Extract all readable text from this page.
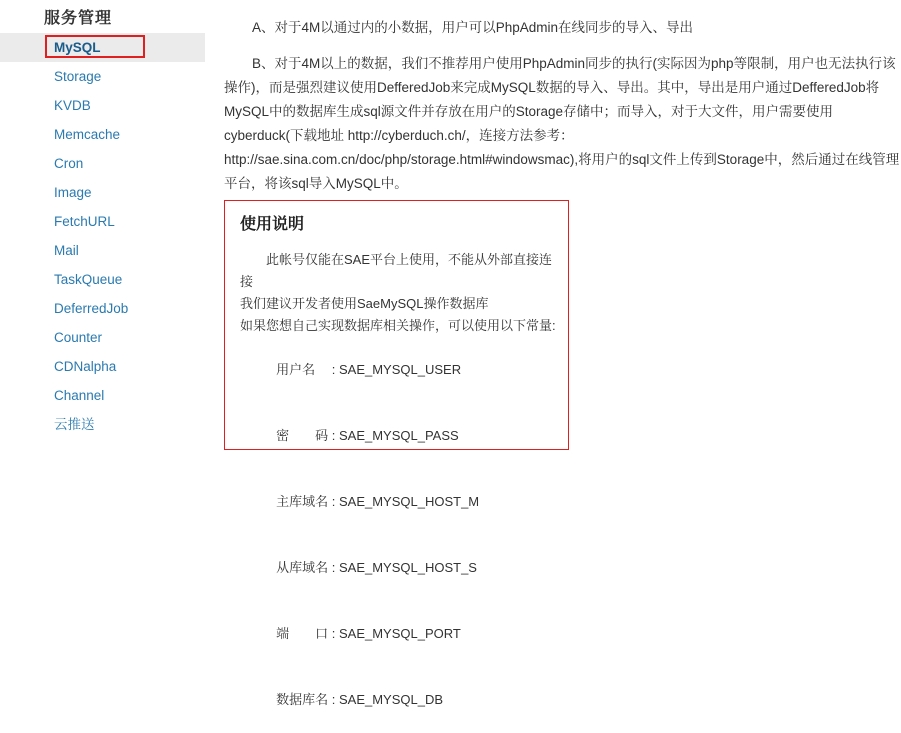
服务管理
MySQL
Storage
KVDB
Memcache
Cron
Image
FetchURL
Mail
TaskQueue
DeferredJob
Counter
CDNalpha
Channel
云推送

A、对于4M以通过内的小数据，用户可以PhpAdmin在线同步的导入、导出

B、对于4M以上的数据，我们不推荐用户使用PhpAdmin同步的执行(实际因为php等限制，用户也无法执行该操作)，而是强烈建议使用DefferedJob来完成MySQL数据的导入、导出。其中，导出是用户通过DefferedJob将MySQL中的数据库生成sql源文件并存放在用户的Storage存储中；而导入，对于大文件，用户需要使用cyberduck(下载地址 http://cyberduch.ch/，连接方法参考：http://sae.sina.com.cn/doc/php/storage.html#windowsmac),将用户的sql文件上传到Storage中，然后通过在线管理平台，将该sql导入MySQL中。

使用说明
此帐号仅能在SAE平台上使用，不能从外部直接连接
我们建议开发者使用SaeMySQL操作数据库
如果您想自己实现数据库相关操作，可以使用以下常量:

用户名　 : SAE_MYSQL_USER

密　　码 : SAE_MYSQL_PASS

主库域名 : SAE_MYSQL_HOST_M

从库域名 : SAE_MYSQL_HOST_S

端　　口 : SAE_MYSQL_PORT

数据库名 : SAE_MYSQL_DB
